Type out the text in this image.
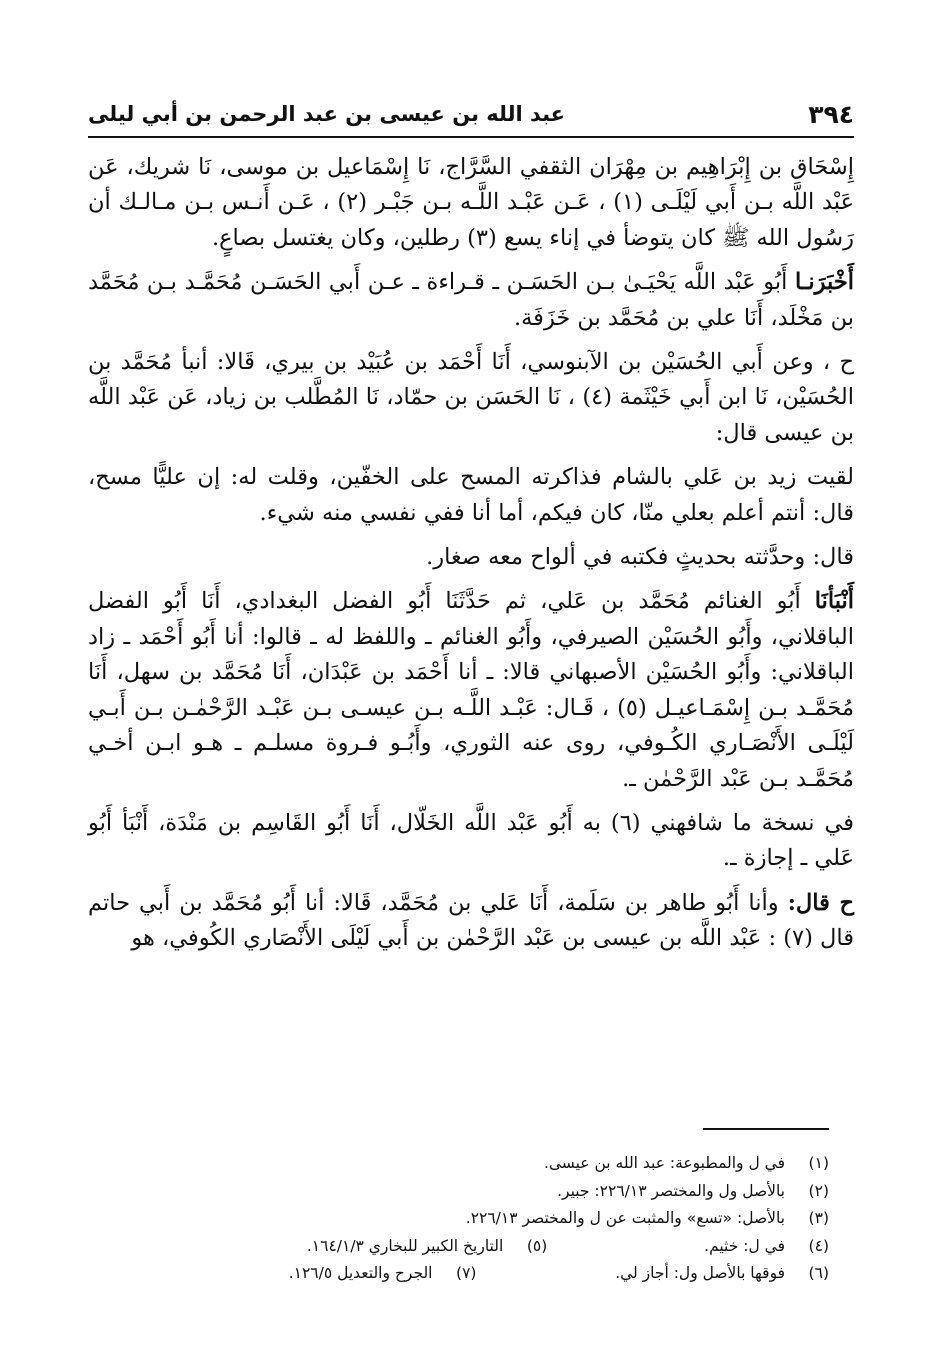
٣٩٤
عبد الله بن عيسى بن عبد الرحمن بن أبي ليلى

إِسْحَاق بن إِبْرَاهِيم بن مِهْرَان الثقفي السَّرَّاج، نَا إِسْمَاعيل بن موسى، نَا شريك، عَن عَبْد اللَّه بـن أَبي لَيْلَـى (١) ، عَـن عَبْـد اللَّـه بـن جَبْـر (٢) ، عَـن أَنـس بـن مـالـك أن رَسُول الله ﷺ كان يتوضأ في إناء يسع (٣) رطلين، وكان يغتسل بصاعٍ.

أَخْبَرَنـا أَبُو عَبْد اللَّه يَحْيَـىٰ بـن الحَسَـن ـ قـراءة ـ عـن أَبي الحَسَـن مُحَمَّـد بـن مُحَمَّد بن مَخْلَد، أَنَا علي بن مُحَمَّد بن خَزَفَة.

ح ، وعن أَبي الحُسَيْن بن الآبنوسي، أَنَا أَحْمَد بن عُبَيْد بن بيري، قَالا: أنبأ مُحَمَّد بن الحُسَيْن، نَا ابن أَبي خَيْثَمة (٤) ، نَا الحَسَن بن حمّاد، نَا المُطَّلب بن زياد، عَن عَبْد اللَّه بن عيسى قال:

لقيت زيد بن عَلي بالشام فذاكرته المسح على الخفّين، وقلت له: إن عليًّا مسح، قال: أنتم أعلم بعلي منّا، كان فيكم، أما أنا ففي نفسي منه شيء.

قال: وحدَّثته بحديثٍ فكتبه في ألواح معه صغار.

أَنْبَأنَا أَبُو الغنائم مُحَمَّد بن عَلي، ثم حَدَّثَنَا أَبُو الفضل البغدادي، أَنَا أَبُو الفضل الباقلاني، وأَبُو الحُسَيْن الصيرفي، وأَبُو الغنائم ـ واللفظ له ـ قالوا: أنا أَبُو أَحْمَد ـ زاد الباقلاني: وأَبُو الحُسَيْن الأصبهاني قالا: ـ أنا أَحْمَد بن عَبْدَان، أَنَا مُحَمَّد بن سهل، أَنَا مُحَمَّـد بـن إِسْمَـاعيـل (٥) ، قَـال: عَبْـد اللَّـه بـن عيسـى بـن عَبْـد الرَّحْمٰـن بـن أَبـي لَيْلَـى الأَنْصَـاري الكُـوفي، روى عنه الثوري، وأَبُـو فـروة مسلـم ـ هـو ابـن أخـي مُحَمَّـد بـن عَبْد الرَّحْمٰن ـ.

في نسخة ما شافهني (٦) به أَبُو عَبْد اللَّه الخَلّال، أَنَا أَبُو القَاسِم بن مَنْدَة، أَنْبَأ أَبُو عَلي ـ إجازة ـ.

ح قال: وأنا أَبُو طاهر بن سَلَمة، أَنَا عَلي بن مُحَمَّد، قَالا: أنا أَبُو مُحَمَّد بن أَبي حاتم قال (٧) : عَبْد اللَّه بن عيسى بن عَبْد الرَّحْمٰن بن أَبي لَيْلَى الأَنْصَاري الكُوفي، هو

(١)في ل والمطبوعة: عبد الله بن عيسى.
(٢)بالأصل ول والمختصر ٢٢٦/١٣: جبير.
(٣)بالأصل: «تسع» والمثبت عن ل والمختصر ٢٢٦/١٣.
(٤)في ل: خثيم.
(٥)التاريخ الكبير للبخاري ١٦٤/١/٣.
(٦)فوقها بالأصل ول: أجاز لي.
(٧)الجرح والتعديل ١٢٦/٥.
